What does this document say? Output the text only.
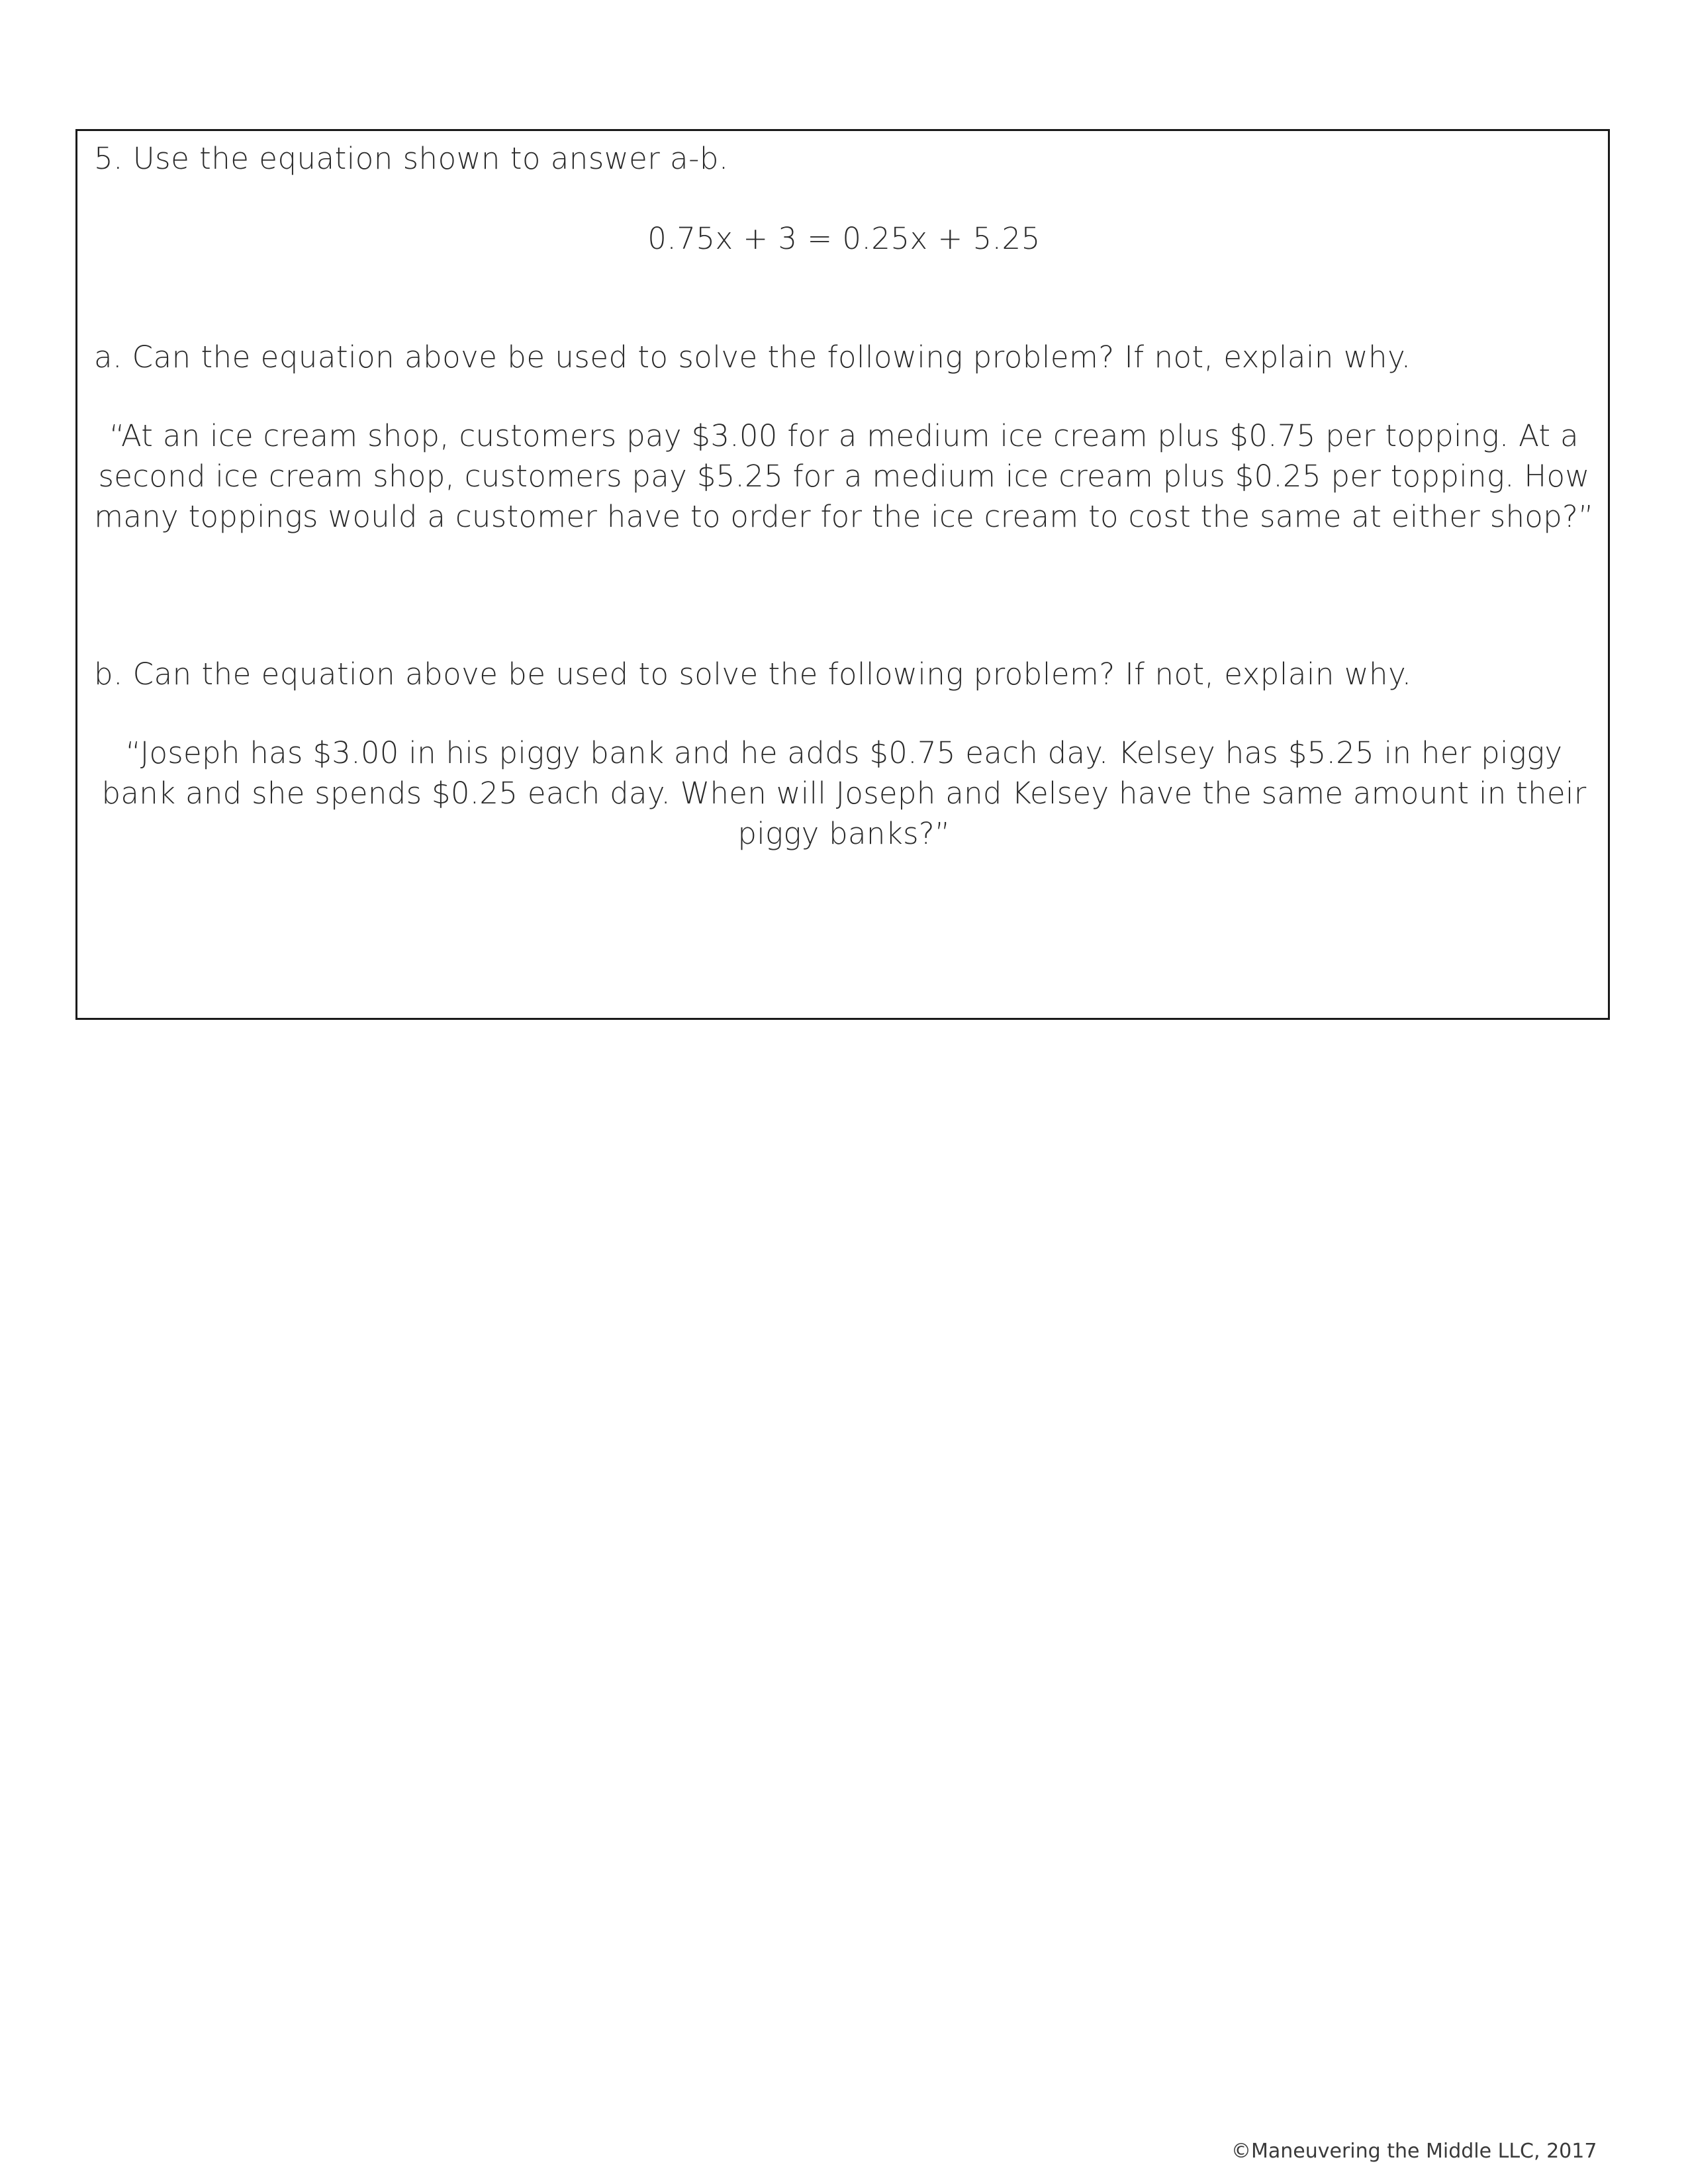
5. Use the equation shown to answer a-b.
0.75x + 3 = 0.25x + 5.25
a. Can the equation above be used to solve the following problem? If not, explain why.
“At an ice cream shop, customers pay $3.00 for a medium ice cream plus $0.75 per topping. At a second ice cream shop, customers pay $5.25 for a medium ice cream plus $0.25 per topping. How many toppings would a customer have to order for the ice cream to cost the same at either shop?”
b. Can the equation above be used to solve the following problem? If not, explain why.
“Joseph has $3.00 in his piggy bank and he adds $0.75 each day. Kelsey has $5.25 in her piggy bank and she spends $0.25 each day. When will Joseph and Kelsey have the same amount in their piggy banks?”
©Maneuvering the Middle LLC, 2017
